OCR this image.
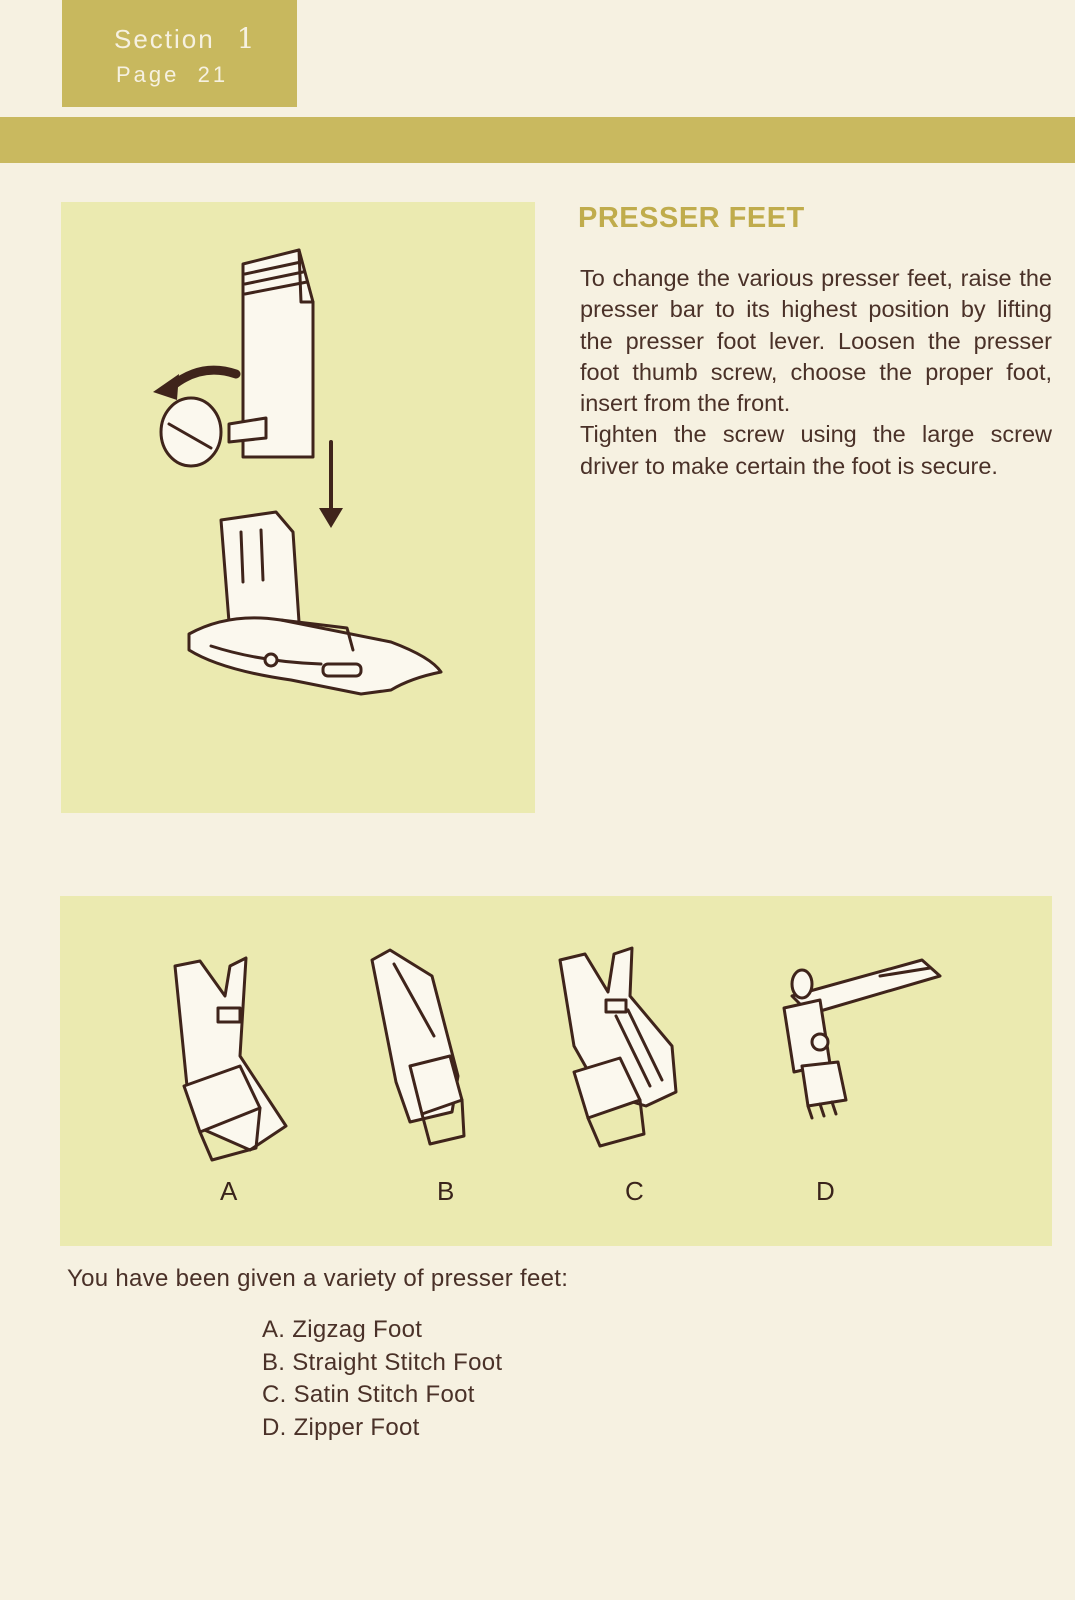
Section 1
Page 21
PRESSER FEET

To change the various presser feet, raise the presser bar to its highest position by lifting the presser foot lever. Loosen the presser foot thumb screw, choose the proper foot, insert from the front.

Tighten the screw using the large screw driver to make certain the foot is secure.

A	B	C	D
You have been given a variety of presser feet:
A. Zigzag Foot
B. Straight Stitch Foot
C. Satin Stitch Foot
D. Zipper Foot
